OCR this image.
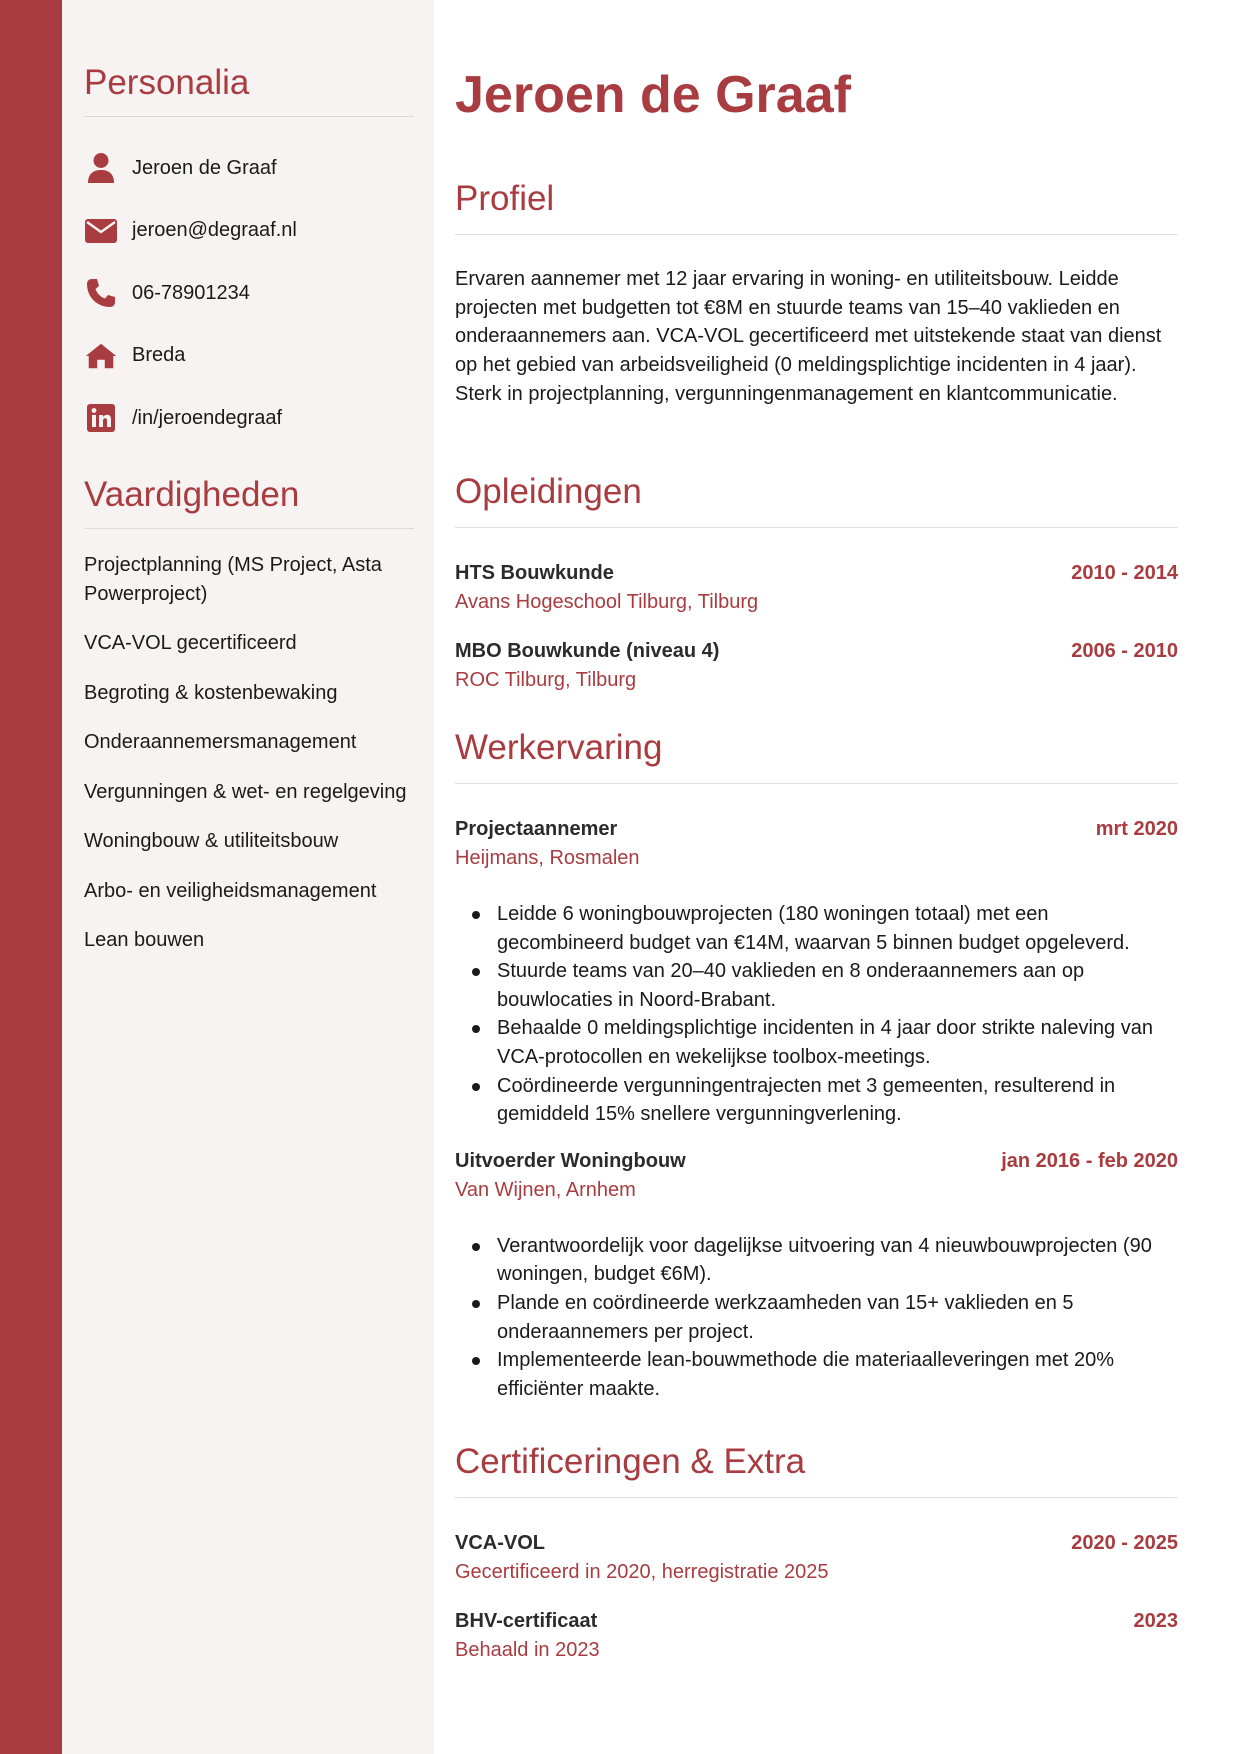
Personalia
Jeroen de Graaf
jeroen@degraaf.nl
06-78901234
Breda
/in/jeroendegraaf
Vaardigheden
Projectplanning (MS Project, Asta Powerproject)
VCA-VOL gecertificeerd
Begroting & kostenbewaking
Onderaannemersmanagement
Vergunningen & wet- en regelgeving
Woningbouw & utiliteitsbouw
Arbo- en veiligheidsmanagement
Lean bouwen
Jeroen de Graaf
Profiel

Ervaren aannemer met 12 jaar ervaring in woning- en utiliteitsbouw. Leidde projecten met budgetten tot €8M en stuurde teams van 15–40 vaklieden en onderaannemers aan. VCA-VOL gecertificeerd met uitstekende staat van dienst op het gebied van arbeidsveiligheid (0 meldingsplichtige incidenten in 4 jaar). Sterk in projectplanning, vergunningenmanagement en klantcommunicatie.

Opleidingen
HTS Bouwkunde	2010 - 2014
Avans Hogeschool Tilburg, Tilburg
MBO Bouwkunde (niveau 4)	2006 - 2010
ROC Tilburg, Tilburg
Werkervaring
Projectaannemer	mrt 2020
Heijmans, Rosmalen
Leidde 6 woningbouwprojecten (180 woningen totaal) met een gecombineerd budget van €14M, waarvan 5 binnen budget opgeleverd.
Stuurde teams van 20–40 vaklieden en 8 onderaannemers aan op bouwlocaties in Noord-Brabant.
Behaalde 0 meldingsplichtige incidenten in 4 jaar door strikte naleving van VCA-protocollen en wekelijkse toolbox-meetings.
Coördineerde vergunningentrajecten met 3 gemeenten, resulterend in gemiddeld 15% snellere vergunningverlening.
Uitvoerder Woningbouw	jan 2016 - feb 2020
Van Wijnen, Arnhem
Verantwoordelijk voor dagelijkse uitvoering van 4 nieuwbouwprojecten (90 woningen, budget €6M).
Plande en coördineerde werkzaamheden van 15+ vaklieden en 5 onderaannemers per project.
Implementeerde lean-bouwmethode die materiaalleveringen met 20% efficiënter maakte.
Certificeringen & Extra
VCA-VOL	2020 - 2025
Gecertificeerd in 2020, herregistratie 2025
BHV-certificaat	2023
Behaald in 2023
